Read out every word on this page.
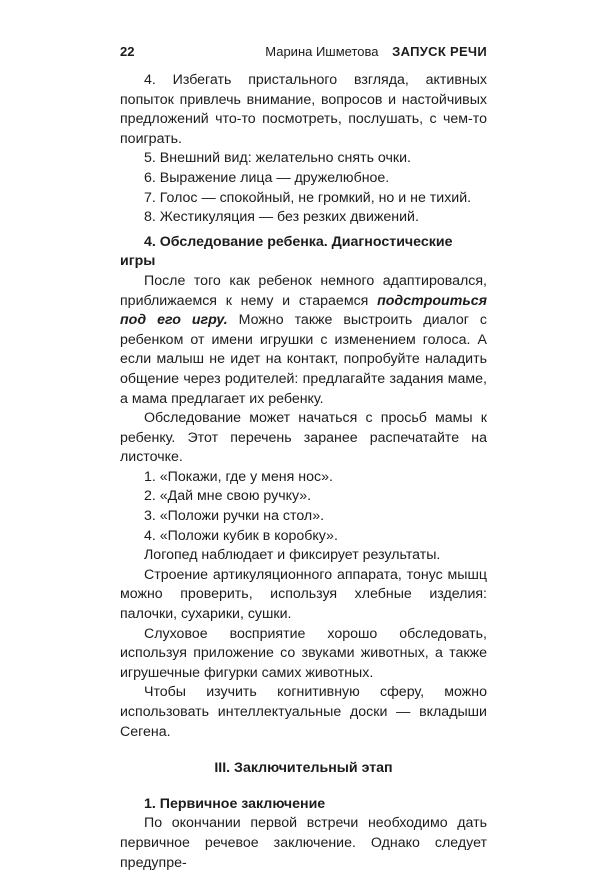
22	Марина Ишметова ЗАПУСК РЕЧИ

4. Избегать пристального взгляда, активных попыток привлечь внимание, вопросов и настойчивых предложений что-то посмотреть, послушать, с чем-то поиграть.

5. Внешний вид: желательно снять очки.

6. Выражение лица — дружелюбное.

7. Голос — спокойный, не громкий, но и не тихий.

8. Жестикуляция — без резких движений.

4. Обследование ребенка. Диагностические игры

После того как ребенок немного адаптировался, приближаемся к нему и стараемся подстроиться под его игру. Можно также выстроить диалог с ребенком от имени игрушки с изменением голоса. А если малыш не идет на контакт, попробуйте наладить общение через родителей: предлагайте задания маме, а мама предлагает их ребенку.

Обследование может начаться с просьб мамы к ребенку. Этот перечень заранее распечатайте на листочке.

1. «Покажи, где у меня нос».

2. «Дай мне свою ручку».

3. «Положи ручки на стол».

4. «Положи кубик в коробку».

Логопед наблюдает и фиксирует результаты.

Строение артикуляционного аппарата, тонус мышц можно проверить, используя хлебные изделия: палочки, сухарики, сушки.

Слуховое восприятие хорошо обследовать, используя приложение со звуками животных, а также игрушечные фигурки самих животных.

Чтобы изучить когнитивную сферу, можно использовать интеллектуальные доски — вкладыши Сегена.

III. Заключительный этап
1. Первичное заключение

По окончании первой встречи необходимо дать первичное речевое заключение. Однако следует предупре-
